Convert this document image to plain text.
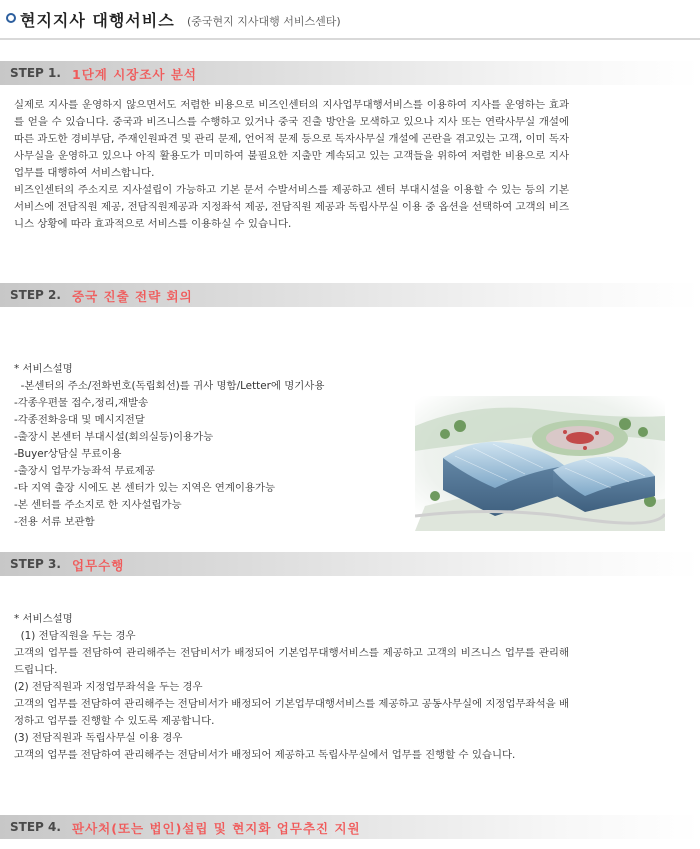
현지지사 대행서비스 (중국현지 지사대행 서비스센타)
STEP 1. 1단계 시장조사 분석

실제로 지사를 운영하지 않으면서도 저렴한 비용으로 비즈인센터의 지사업무대행서비스를 이용하여 지사를 운영하는 효과를 얻을 수 있습니다. 중국과 비즈니스를 수행하고 있거나 중국 진출 방안을 모색하고 있으나 지사 또는 연락사무실 개설에 따른 과도한 경비부담, 주재인원파견 및 관리 문제, 언어적 문제 등으로 독자사무실 개설에 곤란을 겪고있는 고객, 이미 독자사무실을 운영하고 있으나 아직 활용도가 미미하여 불필요한 지출만 계속되고 있는 고객들을 위하여 저렴한 비용으로 지사업무를 대행하여 서비스합니다.

비즈인센터의 주소지로 지사설립이 가능하고 기본 문서 수발서비스를 제공하고 센터 부대시설을 이용할 수 있는 등의 기본서비스에 전담직원 제공, 전담직원제공과 지정좌석 제공, 전담직원 제공과 독립사무실 이용 중 옵션을 선택하여 고객의 비즈니스 상황에 따라 효과적으로 서비스를 이용하실 수 있습니다.

STEP 2. 중국 진출 전략 회의
* 서비스설명
-본센터의 주소/전화번호(독립회선)를 귀사 명함/Letter에 명기사용
-각종우편물 접수,정리,재발송
-각종전화응대 및 메시지전달
-출장시 본센터 부대시설(회의실등)이용가능
-Buyer상담실 무료이용
-출장시 업무가능좌석 무료제공
-타 지역 출장 시에도 본 센터가 있는 지역은 연계이용가능
-본 센터를 주소지로 한 지사설립가능
-전용 서류 보관함
STEP 3. 업무수행

* 서비스설명

(1) 전담직원을 두는 경우

고객의 업무를 전담하여 관리해주는 전담비서가 배정되어 기본업무대행서비스를 제공하고 고객의 비즈니스 업무를 관리해 드립니다.

(2) 전담직원과 지정업무좌석을 두는 경우

고객의 업무를 전담하여 관리해주는 전담비서가 배정되어 기본업무대행서비스를 제공하고 공동사무실에 지정업무좌석을 배정하고 업무를 진행할 수 있도록 제공합니다.

(3) 전담직원과 독립사무실 이용 경우

고객의 업무를 전담하여 관리해주는 전담비서가 배정되어 제공하고 독립사무실에서 업무를 진행할 수 있습니다.

STEP 4. 판사처(또는 법인)설립 및 현지화 업무추진 지원
